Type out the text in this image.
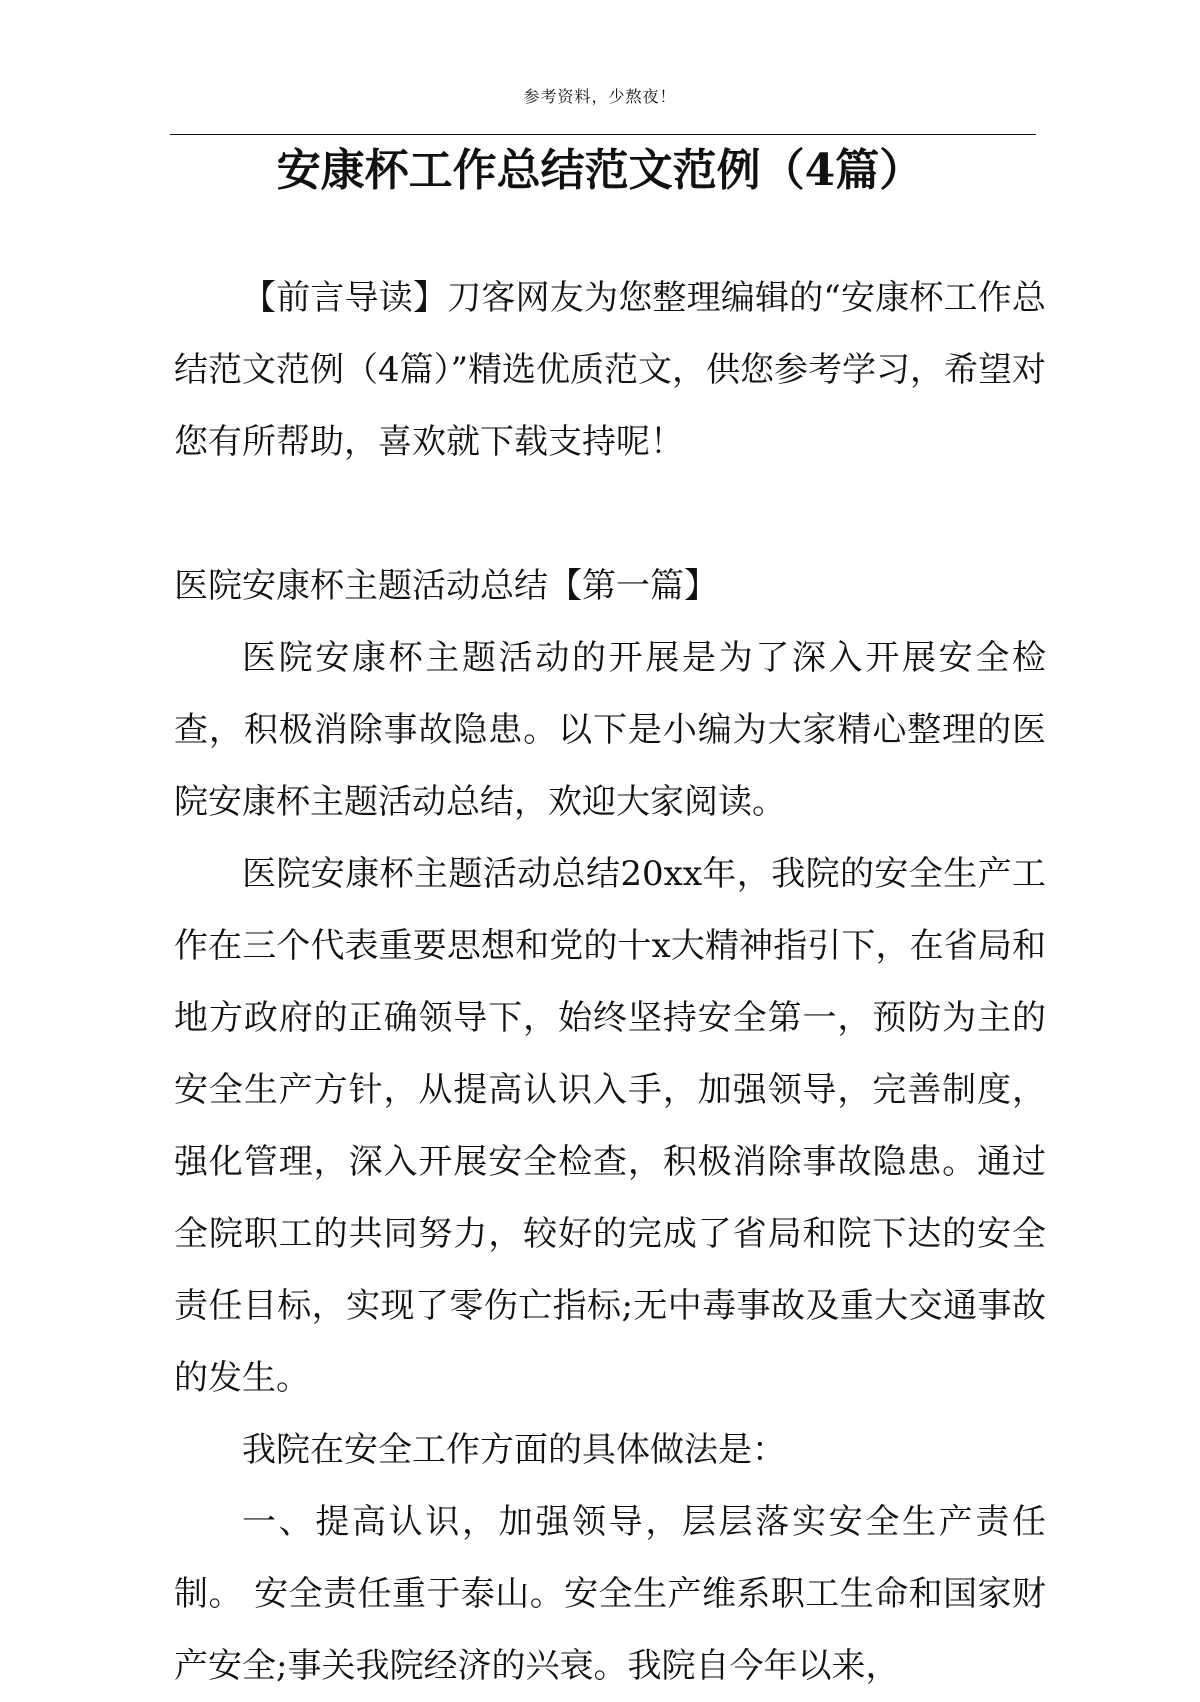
参考资料，少熬夜！
安康杯工作总结范文范例（4篇）

【前言导读】刀客网友为您整理编辑的“安康杯工作总结范文范例（4篇）”精选优质范文，供您参考学习，希望对您有所帮助，喜欢就下载支持呢！

医院安康杯主题活动总结【第一篇】

医院安康杯主题活动的开展是为了深入开展安全检查，积极消除事故隐患。以下是小编为大家精心整理的医院安康杯主题活动总结，欢迎大家阅读。

医院安康杯主题活动总结20xx年，我院的安全生产工作在三个代表重要思想和党的十x大精神指引下，在省局和地方政府的正确领导下，始终坚持安全第一，预防为主的安全生产方针，从提高认识入手，加强领导，完善制度，强化管理，深入开展安全检查，积极消除事故隐患。通过全院职工的共同努力，较好的完成了省局和院下达的安全责任目标，实现了零伤亡指标;无中毒事故及重大交通事故的发生。

我院在安全工作方面的具体做法是：

一、提高认识，加强领导，层层落实安全生产责任制。 安全责任重于泰山。安全生产维系职工生命和国家财产安全;事关我院经济的兴衰。我院自今年以来，
